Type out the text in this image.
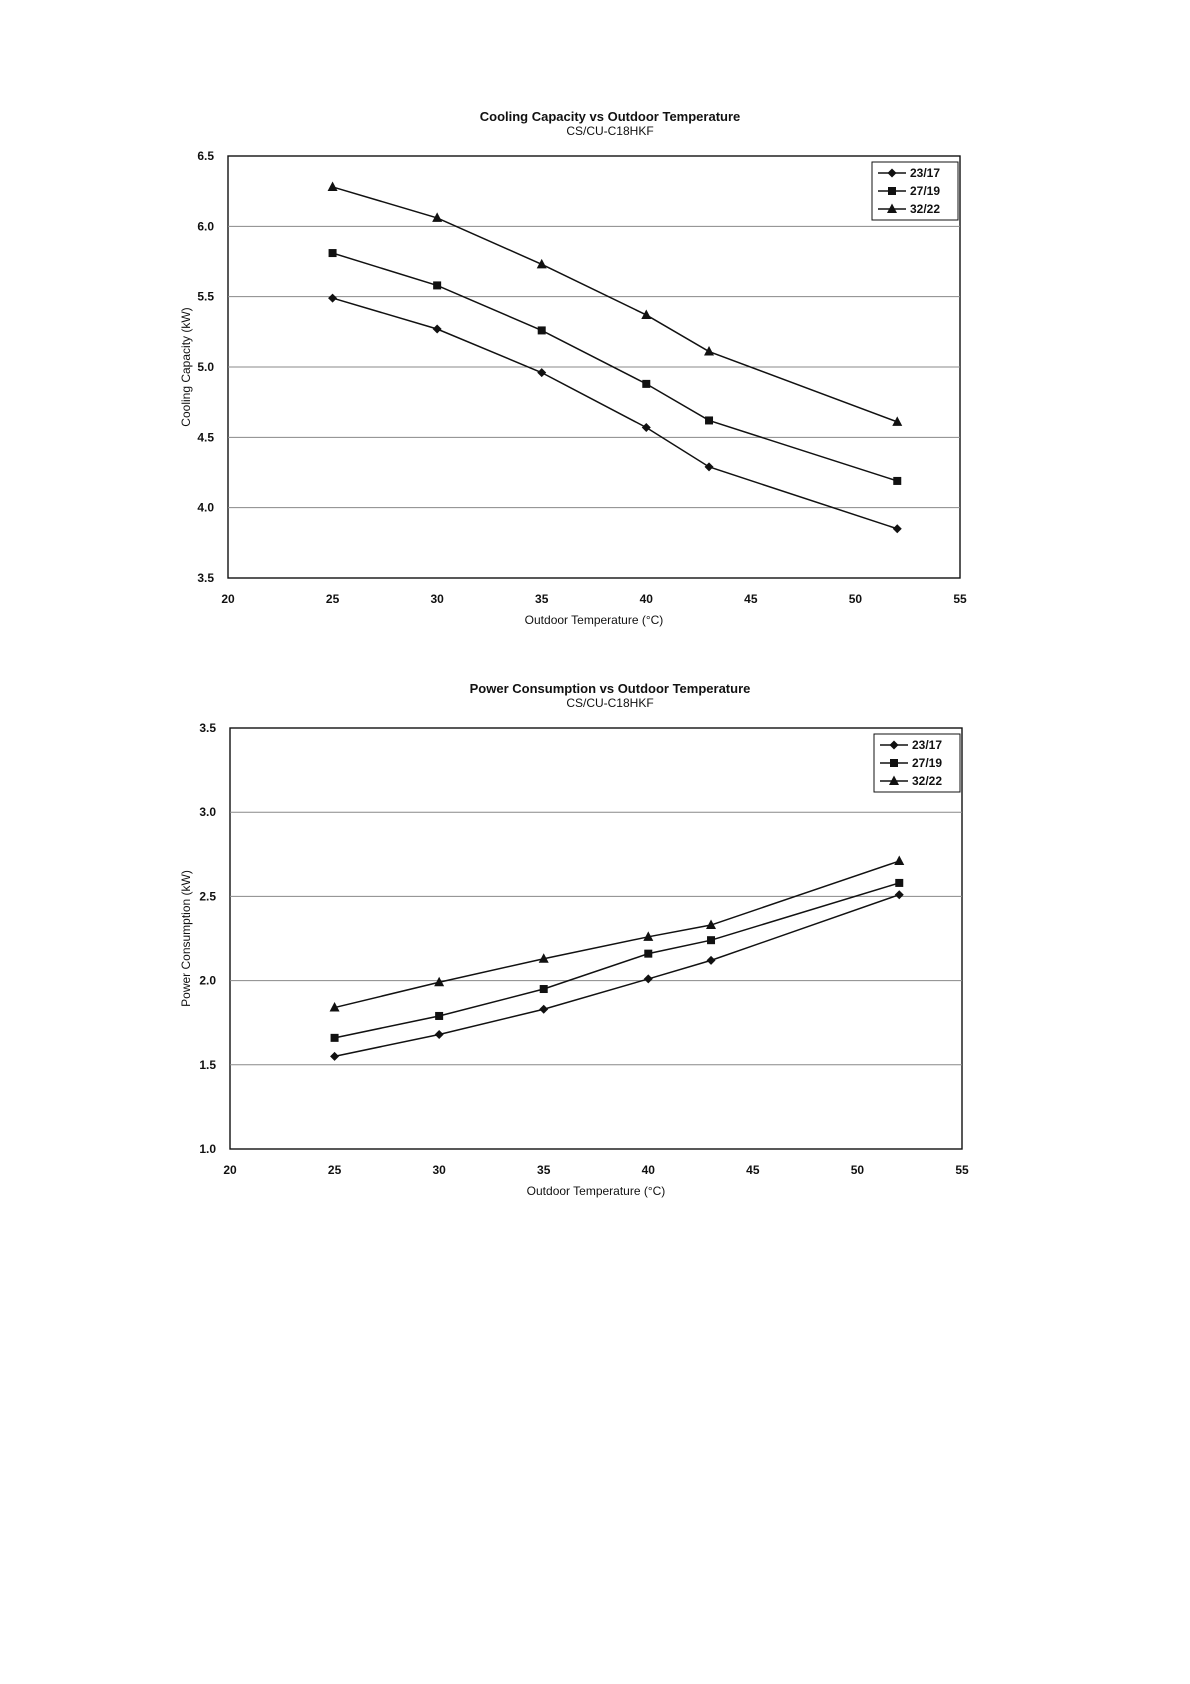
Cooling Capacity vs Outdoor Temperature
CS/CU-C18HKF
3.5
4.0
4.5
5.0
5.5
6.0
6.5
20	25	30	35	40	45	50	55
Outdoor Temperature (°C)
Cooling Capacity (kW)
23/17
27/19
32/22
Power Consumption vs Outdoor Temperature
CS/CU-C18HKF
1.0
1.5
2.0
2.5
3.0
3.5
20	25	30	35	40	45	50	55
Outdoor Temperature (°C)
Power Consumption (kW)
23/17
27/19
32/22
